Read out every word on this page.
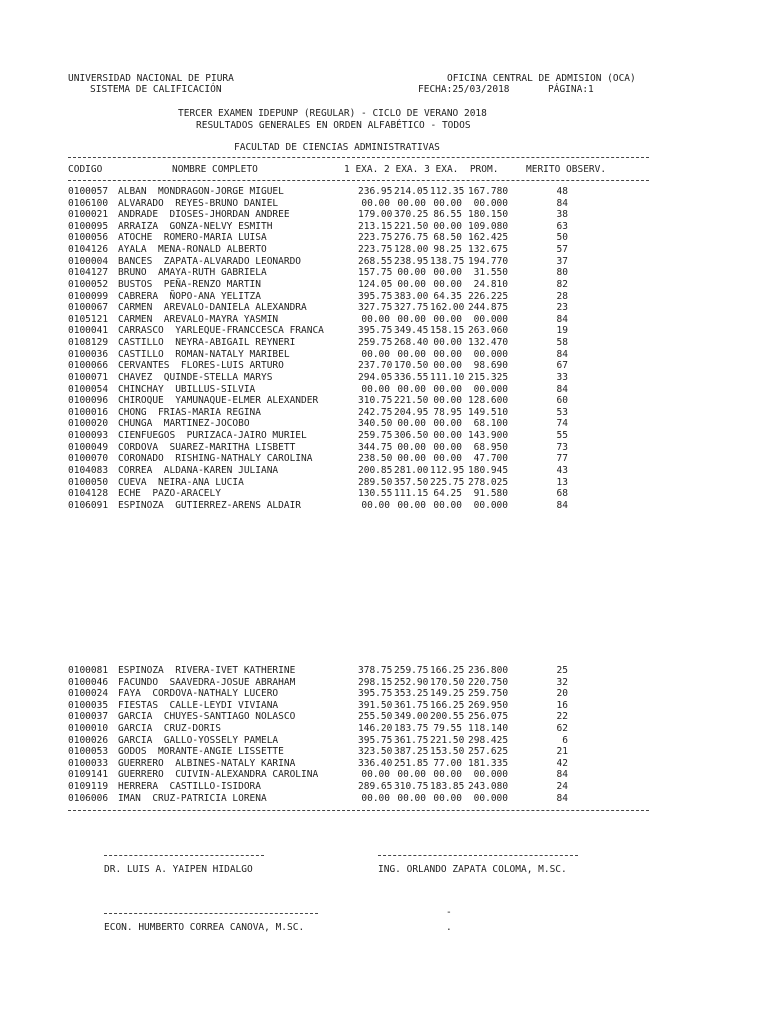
UNIVERSIDAD NACIONAL DE PIURA
SISTEMA DE CALIFICACIÓN
OFICINA CENTRAL DE ADMISION (OCA)
FECHA:25/03/2018	PÁGINA:1
TERCER EXAMEN IDEPUNP (REGULAR) - CICLO DE VERANO 2018
RESULTADOS GENERALES EN ORDEN ALFABÉTICO - TODOS
FACULTAD DE CIENCIAS ADMINISTRATIVAS

CODIGO

	NOMBRE COMPLETO

	1 EXA. 2 EXA. 3 EXA.  PROM.

	MERITO OBSERV.

0100057 ALBAN  MONDRAGON-JORGE MIGUEL	236.95 214.05 112.35 167.780	48
0106100 ALVARADO  REYES-BRUNO DANIEL	00.00 00.00 00.00	00.000	84
0100021 ANDRADE  DIOSES-JHORDAN ANDREE	179.00 370.25 86.55 180.150	38
0100095 ARRAIZA  GONZA-NELVY ESMITH	213.15 221.50 00.00 109.080	63
0100056 ATOCHE  ROMERO-MARIA LUISA	223.75 276.75 68.50 162.425	50
0104126 AYALA  MENA-RONALD ALBERTO	223.75 128.00 98.25 132.675	57
0100004 BANCES  ZAPATA-ALVARADO LEONARDO	268.55 238.95 138.75 194.770	37
0104127 BRUNO  AMAYA-RUTH GABRIELA	157.75 00.00 00.00	31.550	80
0100052 BUSTOS  PEÑA-RENZO MARTIN	124.05 00.00 00.00	24.810	82
0100099 CABRERA  ÑOPO-ANA YELITZA	395.75 383.00 64.35 226.225	28
0100067 CARMEN  AREVALO-DANIELA ALEXANDRA	327.75 327.75 162.00 244.875	23
0105121 CARMEN  AREVALO-MAYRA YASMIN	00.00 00.00 00.00	00.000	84
0100041 CARRASCO  YARLEQUE-FRANCCESCA FRANCA	395.75 349.45 158.15 263.060	19
0108129 CASTILLO  NEYRA-ABIGAIL REYNERI	259.75 268.40 00.00 132.470	58
0100036 CASTILLO  ROMAN-NATALY MARIBEL	00.00 00.00 00.00	00.000	84
0100066 CERVANTES  FLORES-LUIS ARTURO	237.70 170.50 00.00	98.690	67
0100071 CHAVEZ  QUINDE-STELLA MARYS	294.05 336.55 111.10 215.325	33
0100054 CHINCHAY  UBILLUS-SILVIA	00.00 00.00 00.00	00.000	84
0100096 CHIROQUE  YAMUNAQUE-ELMER ALEXANDER	310.75 221.50 00.00 128.600	60
0100016 CHONG  FRIAS-MARIA REGINA	242.75 204.95 78.95 149.510	53
0100020 CHUNGA  MARTINEZ-JOCOBO	340.50 00.00 00.00	68.100	74
0100093 CIENFUEGOS  PURIZACA-JAIRO MURIEL	259.75 306.50 00.00 143.900	55
0100049 CORDOVA  SUAREZ-MARITHA LISBETT	344.75 00.00 00.00	68.950	73
0100070 CORONADO  RISHING-NATHALY CAROLINA	238.50 00.00 00.00	47.700	77
0104083 CORREA  ALDANA-KAREN JULIANA	200.85 281.00 112.95 180.945	43
0100050 CUEVA  NEIRA-ANA LUCIA	289.50 357.50 225.75 278.025	13
0104128 ECHE  PAZO-ARACELY	130.55 111.15 64.25	91.580	68
0106091 ESPINOZA  GUTIERREZ-ARENS ALDAIR	00.00 00.00 00.00	00.000	84
0100081 ESPINOZA  RIVERA-IVET KATHERINE	378.75 259.75 166.25 236.800	25
0100046 FACUNDO  SAAVEDRA-JOSUE ABRAHAM	298.15 252.90 170.50 220.750	32
0100024 FAYA  CORDOVA-NATHALY LUCERO	395.75 353.25 149.25 259.750	20
0100035 FIESTAS  CALLE-LEYDI VIVIANA	391.50 361.75 166.25 269.950	16
0100037 GARCIA  CHUYES-SANTIAGO NOLASCO	255.50 349.00 200.55 256.075	22
0100010 GARCIA  CRUZ-DORIS	146.20 183.75 79.55 118.140	62
0100026 GARCIA  GALLO-YOSSELY PAMELA	395.75 361.75 221.50 298.425	6
0100053 GODOS  MORANTE-ANGIE LISSETTE	323.50 387.25 153.50 257.625	21
0100033 GUERRERO  ALBINES-NATALY KARINA	336.40 251.85 77.00 181.335	42
0109141 GUERRERO  CUIVIN-ALEXANDRA CAROLINA	00.00 00.00 00.00	00.000	84
0109119 HERRERA  CASTILLO-ISIDORA	289.65 310.75 183.85 243.080	24
0106006 IMAN  CRUZ-PATRICIA LORENA	00.00 00.00 00.00	00.000	84
DR. LUIS A. YAIPEN HIDALGO	ING. ORLANDO ZAPATA COLOMA, M.SC.
ECON. HUMBERTO CORREA CANOVA, M.SC.
-
.
